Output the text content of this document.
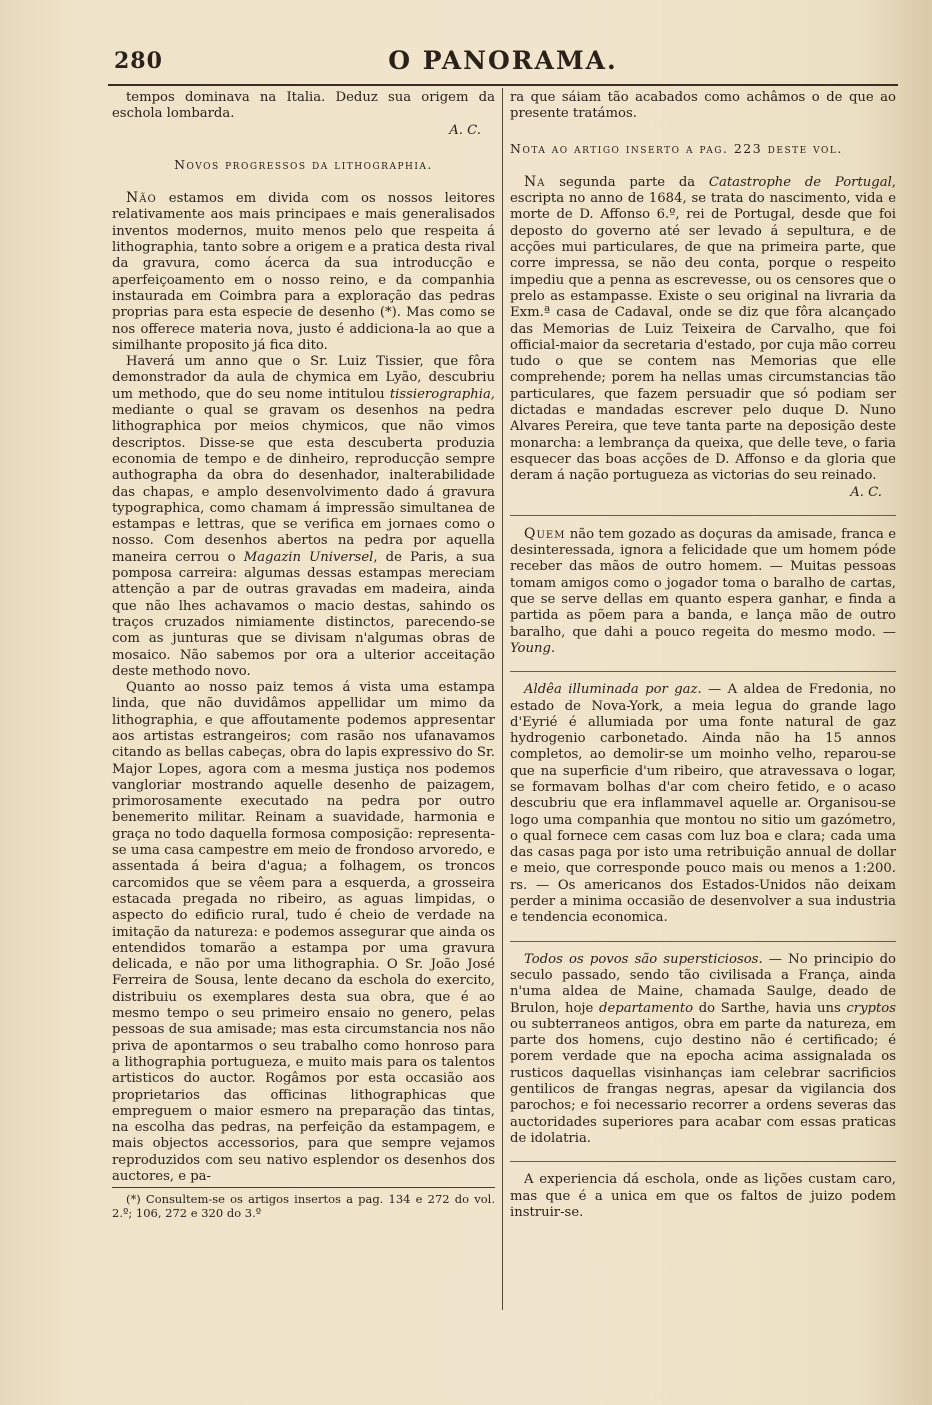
280	O PANORAMA.

tempos dominava na Italia. Deduz sua origem da eschola lombarda.

A. C.

Novos progressos da lithographia.

Não estamos em divida com os nossos leitores relativamente aos mais principaes e mais generalisados inventos modernos, muito menos pelo que respeita á lithographia, tanto sobre a origem e a pratica desta rival da gravura, como ácerca da sua introducção e aperfeiçoamento em o nosso reino, e da companhia instaurada em Coimbra para a exploração das pedras proprias para esta especie de desenho (*). Mas como se nos offerece materia nova, justo é addiciona-la ao que a similhante proposito já fica dito.

Haverá um anno que o Sr. Luiz Tissier, que fôra demonstrador da aula de chymica em Lyão, descubriu um methodo, que do seu nome intitulou tissierographia, mediante o qual se gravam os desenhos na pedra lithographica por meios chymicos, que não vimos descriptos. Disse-se que esta descuberta produzia economia de tempo e de dinheiro, reproducção sempre authographa da obra do desenhador, inalterabilidade das chapas, e amplo desenvolvimento dado á gravura typographica, como chamam á impressão simultanea de estampas e lettras, que se verifica em jornaes como o nosso. Com desenhos abertos na pedra por aquella maneira cerrou o Magazin Universel, de Paris, a sua pomposa carreira: algumas dessas estampas mereciam attenção a par de outras gravadas em madeira, ainda que não lhes achavamos o macio destas, sahindo os traços cruzados nimiamente distinctos, parecendo-se com as junturas que se divisam n'algumas obras de mosaico. Não sabemos por ora a ulterior acceitação deste methodo novo.

Quanto ao nosso paiz temos á vista uma estampa linda, que não duvidâmos appellidar um mimo da lithographia, e que affoutamente podemos appresentar aos artistas estrangeiros; com rasão nos ufanavamos citando as bellas cabeças, obra do lapis expressivo do Sr. Major Lopes, agora com a mesma justiça nos podemos vangloriar mostrando aquelle desenho de paizagem, primorosamente executado na pedra por outro benemerito militar. Reinam a suavidade, harmonia e graça no todo daquella formosa composição: representa-se uma casa campestre em meio de frondoso arvoredo, e assentada á beira d'agua; a folhagem, os troncos carcomidos que se vêem para a esquerda, a grosseira estacada pregada no ribeiro, as aguas limpidas, o aspecto do edificio rural, tudo é cheio de verdade na imitação da natureza: e podemos assegurar que ainda os entendidos tomarão a estampa por uma gravura delicada, e não por uma lithographia. O Sr. João José Ferreira de Sousa, lente decano da eschola do exercito, distribuiu os exemplares desta sua obra, que é ao mesmo tempo o seu primeiro ensaio no genero, pelas pessoas de sua amisade; mas esta circumstancia nos não priva de apontarmos o seu trabalho como honroso para a lithographia portugueza, e muito mais para os talentos artisticos do auctor. Rogâmos por esta occasião aos proprietarios das officinas lithographicas que empreguem o maior esmero na preparação das tintas, na escolha das pedras, na perfeição da estampagem, e mais objectos accessorios, para que sempre vejamos reproduzidos com seu nativo esplendor os desenhos dos auctores, e pa-

(*) Consultem-se os artigos insertos a pag. 134 e 272 do vol. 2.º; 106, 272 e 320 do 3.º

ra que sáiam tão acabados como achâmos o de que ao presente tratámos.

Nota ao artigo inserto a pag. 223 deste vol.

Na segunda parte da Catastrophe de Portugal, escripta no anno de 1684, se trata do nascimento, vida e morte de D. Affonso 6.º, rei de Portugal, desde que foi deposto do governo até ser levado á sepultura, e de acções mui particulares, de que na primeira parte, que corre impressa, se não deu conta, porque o respeito impediu que a penna as escrevesse, ou os censores que o prelo as estampasse. Existe o seu original na livraria da Exm.ª casa de Cadaval, onde se diz que fôra alcançado das Memorias de Luiz Teixeira de Carvalho, que foi official-maior da secretaria d'estado, por cuja mão correu tudo o que se contem nas Memorias que elle comprehende; porem ha nellas umas circumstancias tão particulares, que fazem persuadir que só podiam ser dictadas e mandadas escrever pelo duque D. Nuno Alvares Pereira, que teve tanta parte na deposição deste monarcha: a lembrança da queixa, que delle teve, o faria esquecer das boas acções de D. Affonso e da gloria que deram á nação portugueza as victorias do seu reinado.

A. C.

Quem não tem gozado as doçuras da amisade, franca e desinteressada, ignora a felicidade que um homem póde receber das mãos de outro homem. — Muitas pessoas tomam amigos como o jogador toma o baralho de cartas, que se serve dellas em quanto espera ganhar, e finda a partida as põem para a banda, e lança mão de outro baralho, que dahi a pouco regeita do mesmo modo. — Young.

Aldêa illuminada por gaz. — A aldea de Fredonia, no estado de Nova-York, a meia legua do grande lago d'Eyrié é allumiada por uma fonte natural de gaz hydrogenio carbonetado. Ainda não ha 15 annos completos, ao demolir-se um moinho velho, reparou-se que na superficie d'um ribeiro, que atravessava o logar, se formavam bolhas d'ar com cheiro fetido, e o acaso descubriu que era inflammavel aquelle ar. Organisou-se logo uma companhia que montou no sitio um gazómetro, o qual fornece cem casas com luz boa e clara; cada uma das casas paga por isto uma retribuição annual de dollar e meio, que corresponde pouco mais ou menos a 1:200. rs. — Os americanos dos Estados-Unidos não deixam perder a minima occasião de desenvolver a sua industria e tendencia economica.

Todos os povos são supersticiosos. — No principio do seculo passado, sendo tão civilisada a França, ainda n'uma aldea de Maine, chamada Saulge, deado de Brulon, hoje departamento do Sarthe, havia uns cryptos ou subterraneos antigos, obra em parte da natureza, em parte dos homens, cujo destino não é certificado; é porem verdade que na epocha acima assignalada os rusticos daquellas visinhanças iam celebrar sacrificios gentilicos de frangas negras, apesar da vigilancia dos parochos; e foi necessario recorrer a ordens severas das auctoridades superiores para acabar com essas praticas de idolatria.

A experiencia dá eschola, onde as lições custam caro, mas que é a unica em que os faltos de juizo podem instruir-se.
